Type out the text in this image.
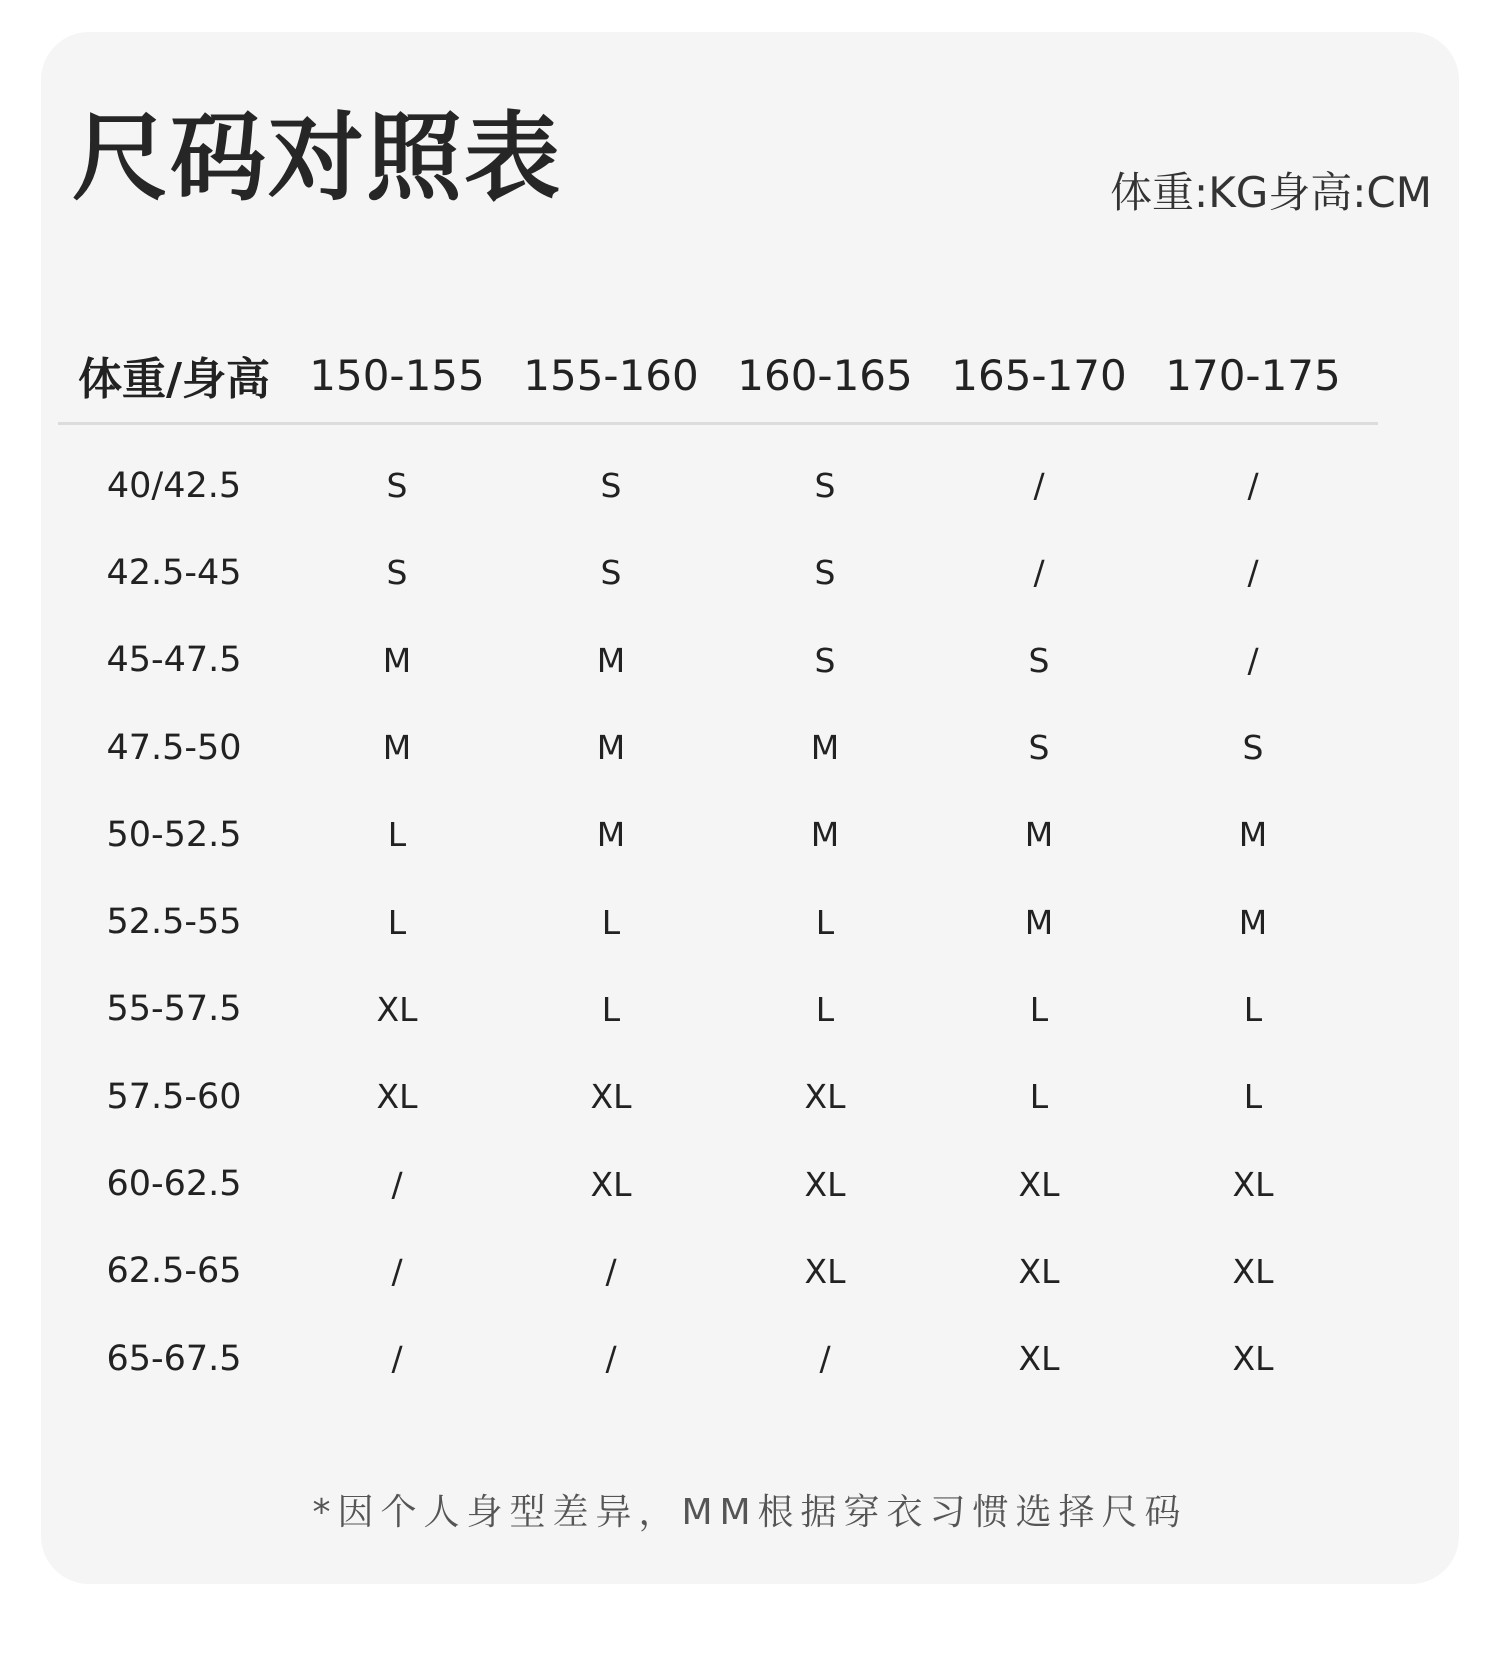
尺码对照表	体重:KG身高:CM
体重/身高 150-155 155-160 160-165 165-170 170-175
40/42.5	S	S	S	/	/
42.5-45	S	S	S	/	/
45-47.5	M	M	S	S	/
47.5-50	M	M	M	S	S
50-52.5	L	M	M	M	M
52.5-55	L	L	L	M	M
55-57.5	XL	L	L	L	L
57.5-60	XL	XL	XL	L	L
60-62.5	/	XL	XL	XL	XL
62.5-65	/	/	XL	XL	XL
65-67.5	/	/	/	XL	XL
*因个人身型差异，MM根据穿衣习惯选择尺码
